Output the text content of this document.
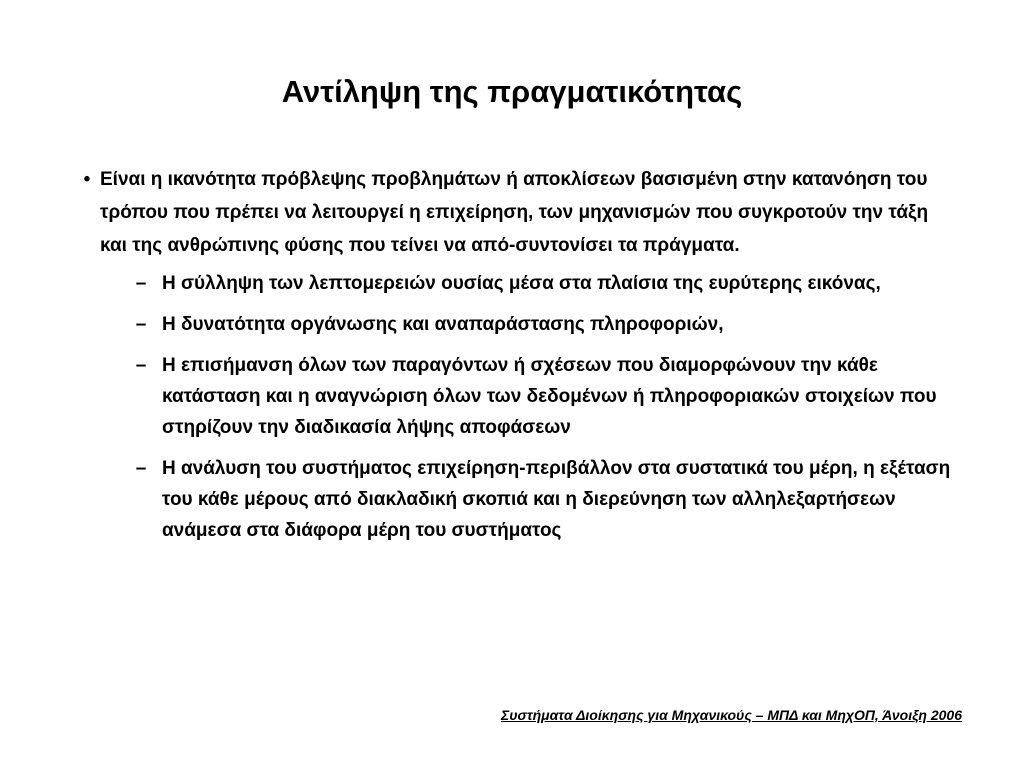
Αντίληψη της πραγματικότητας
• Είναι η ικανότητα πρόβλεψης προβλημάτων ή αποκλίσεων βασισμένη στην κατανόηση του τρόπου που πρέπει να λειτουργεί η επιχείρηση, των μηχανισμών που συγκροτούν την τάξη και της ανθρώπινης φύσης που τείνει να από-συντονίσει τα πράγματα.
– Η σύλληψη των λεπτομερειών ουσίας μέσα στα πλαίσια της ευρύτερης εικόνας,
– Η δυνατότητα οργάνωσης και αναπαράστασης πληροφοριών,
– Η επισήμανση όλων των παραγόντων ή σχέσεων που διαμορφώνουν την κάθε κατάσταση και η αναγνώριση όλων των δεδομένων ή πληροφοριακών στοιχείων που στηρίζουν την διαδικασία λήψης αποφάσεων
– Η ανάλυση του συστήματος επιχείρηση-περιβάλλον στα συστατικά του μέρη, η εξέταση του κάθε μέρους από διακλαδική σκοπιά και η διερεύνηση των αλληλεξαρτήσεων ανάμεσα στα διάφορα μέρη του συστήματος
Συστήματα Διοίκησης για Μηχανικούς – ΜΠΔ και ΜηχΟΠ, Άνοιξη 2006
